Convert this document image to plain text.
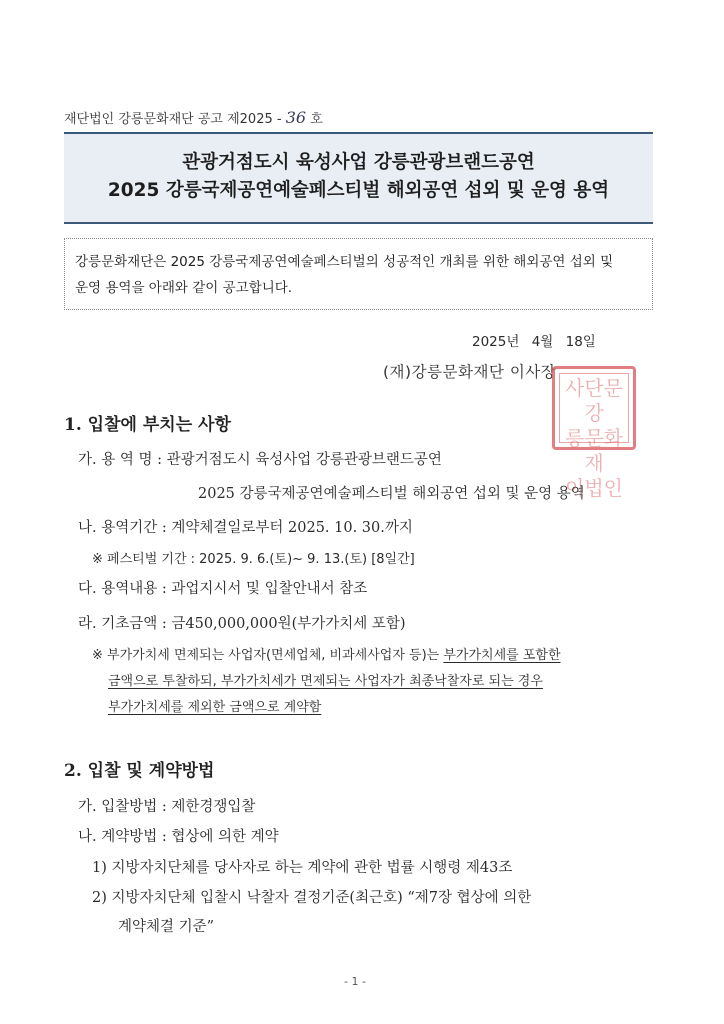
재단법인 강릉문화재단 공고 제2025 - 36 호
관광거점도시 육성사업 강릉관광브랜드공연
2025 강릉국제공연예술페스티벌 해외공연 섭외 및 운영 용역
강릉문화재단은 2025 강릉국제공연예술페스티벌의 성공적인 개최를 위한 해외공연 섭외 및
운영 용역을 아래와 같이 공고합니다.
2025년 4월 18일
(재)강릉문화재단 이사장
사단문강
릉문화재
이법인
1. 입찰에 부치는 사항
가. 용 역 명 : 관광거점도시 육성사업 강릉관광브랜드공연
2025 강릉국제공연예술페스티벌 해외공연 섭외 및 운영 용역
나. 용역기간 : 계약체결일로부터 2025. 10. 30.까지
※ 페스티벌 기간 : 2025. 9. 6.(토)~ 9. 13.(토) [8일간]
다. 용역내용 : 과업지시서 및 입찰안내서 참조
라. 기초금액 : 금450,000,000원(부가가치세 포함)
※ 부가가치세 면제되는 사업자(면세업체, 비과세사업자 등)는 부가가치세를 포함한
금액으로 투찰하되, 부가가치세가 면제되는 사업자가 최종낙찰자로 되는 경우
부가가치세를 제외한 금액으로 계약함
2. 입찰 및 계약방법
가. 입찰방법 : 제한경쟁입찰
나. 계약방법 : 협상에 의한 계약
1) 지방자치단체를 당사자로 하는 계약에 관한 법률 시행령 제43조
2) 지방자치단체 입찰시 낙찰자 결정기준(최근호) “제7장 협상에 의한
계약체결 기준”
- 1 -
